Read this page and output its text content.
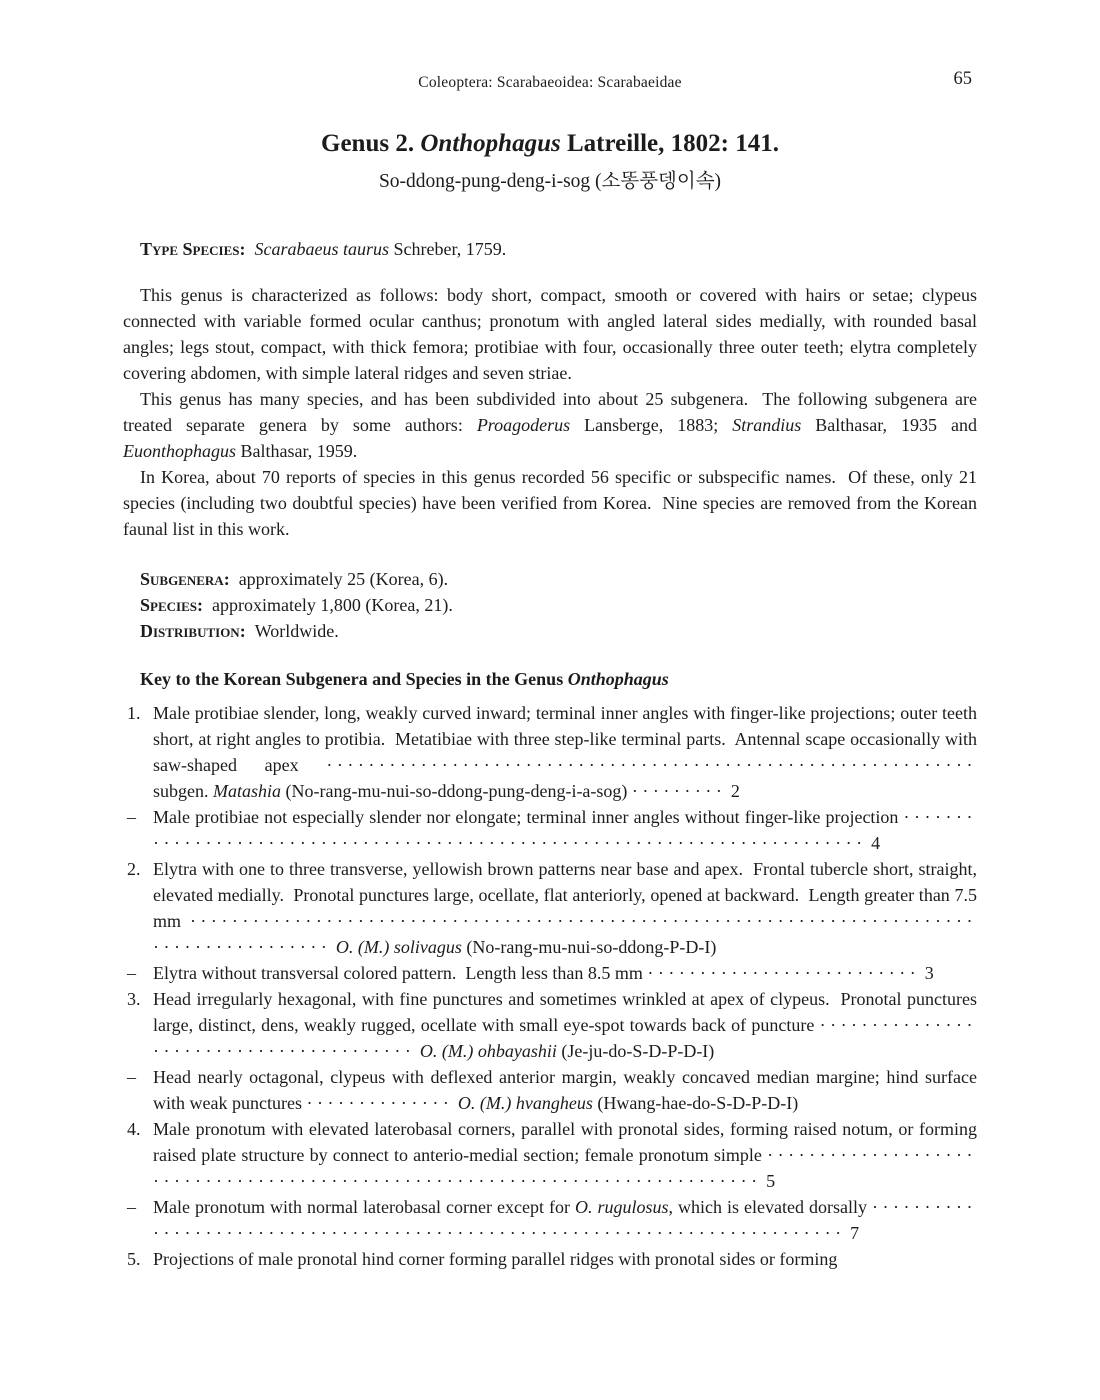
Coleoptera: Scarabaeoidea: Scarabaeidae	65
Genus 2. Onthophagus Latreille, 1802: 141.
So-ddong-pung-deng-i-sog (소똥풍뎅이속)

Type Species: Scarabaeus taurus Schreber, 1759.

This genus is characterized as follows: body short, compact, smooth or covered with hairs or setae; clypeus connected with variable formed ocular canthus; pronotum with angled lateral sides medially, with rounded basal angles; legs stout, compact, with thick femora; protibiae with four, occasionally three outer teeth; elytra completely covering abdomen, with simple lateral ridges and seven striae.

This genus has many species, and has been subdivided into about 25 subgenera.  The following subgenera are treated separate genera by some authors: Proagoderus Lansberge, 1883; Strandius Balthasar, 1935 and Euonthophagus Balthasar, 1959.

In Korea, about 70 reports of species in this genus recorded 56 specific or subspecific names.  Of these, only 21 species (including two doubtful species) have been verified from Korea.  Nine species are removed from the Korean faunal list in this work.

Subgenera: approximately 25 (Korea, 6).
Species: approximately 1,800 (Korea, 21).
Distribution: Worldwide.

Key to the Korean Subgenera and Species in the Genus Onthophagus

1. Male protibiae slender, long, weakly curved inward; terminal inner angles with finger-like projections; outer teeth short, at right angles to protibia.  Metatibiae with three step-like terminal parts.  Antennal scape occasionally with saw-shaped apex ······························································ subgen. Matashia (No-rang-mu-nui-so-ddong-pung-deng-i-a-sog) ········· 2
– Male protibiae not especially slender nor elongate; terminal inner angles without finger-like projection ··········································································· 4
2. Elytra with one to three transverse, yellowish brown patterns near base and apex.  Frontal tubercle short, straight, elevated medially.  Pronotal punctures large, ocellate, flat anteriorly, opened at backward.  Length greater than 7.5 mm ···························································································· O. (M.) solivagus (No-rang-mu-nui-so-ddong-P-D-I)
– Elytra without transversal colored pattern.  Length less than 8.5 mm ·························· 3
3. Head irregularly hexagonal, with fine punctures and sometimes wrinkled at apex of clypeus.  Pronotal punctures large, distinct, dens, weakly rugged, ocellate with small eye-spot towards back of puncture ········································ O. (M.) ohbayashii (Je-ju-do-S-D-P-D-I)
– Head nearly octagonal, clypeus with deflexed anterior margin, weakly concaved median margine; hind surface with weak punctures ·············· O. (M.) hvangheus (Hwang-hae-do-S-D-P-D-I)
4. Male pronotum with elevated laterobasal corners, parallel with pronotal sides, forming raised notum, or forming raised plate structure by connect to anterio-medial section; female pronotum simple ·············································································· 5
– Male pronotum with normal laterobasal corner except for O. rugulosus, which is elevated dorsally ············································································ 7
5. Projections of male pronotal hind corner forming parallel ridges with pronotal sides or forming
